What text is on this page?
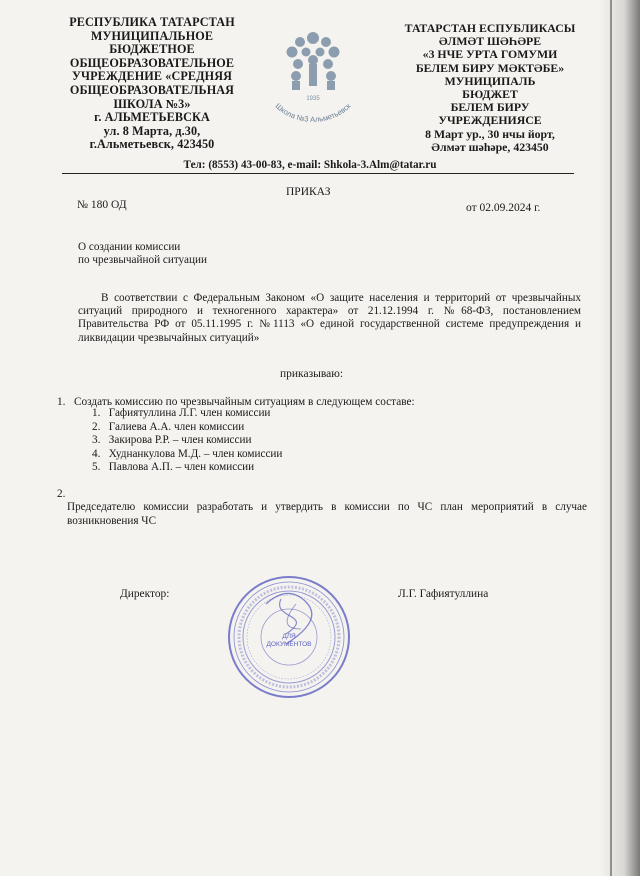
РЕСПУБЛИКА ТАТАРСТАН
МУНИЦИПАЛЬНОЕ
БЮДЖЕТНОЕ
ОБЩЕОБРАЗОВАТЕЛЬНОЕ
УЧРЕЖДЕНИЕ «СРЕДНЯЯ
ОБЩЕОБРАЗОВАТЕЛЬНАЯ
ШКОЛА №3»
г. АЛЬМЕТЬЕВСКА
ул. 8 Марта, д.30,
г.Альметьевск, 423450
1935
Школа №3 Альметьевск
ТАТАРСТАН ЕСПУБЛИКАСЫ
ӘЛМӘТ ШӘҺӘРЕ
«3 НЧЕ УРТА ГОМУМИ
БЕЛЕМ БИРУ МӘКТӘБЕ»
МУНИЦИПАЛЬ
БЮДЖЕТ
БЕЛЕМ БИРУ
УЧРЕЖДЕНИЯСЕ
8 Март ур., 30 нчы йорт,
Әлмәт шәһәре, 423450
Тел: (8553) 43-00-83, e-mail: Shkola-3.Alm@tatar.ru
ПРИКАЗ
№ 180 ОД	от 02.09.2024 г.
О создании комиссии
по чрезвычайной ситуации
В соответствии с Федеральным Законом «О защите населения и территорий от чрезвычайных ситуаций природного и техногенного характера» от 21.12.1994 г. №68-ФЗ, постановлением Правительства РФ от 05.11.1995 г. №1113 «О единой государственной системе предупреждения и ликвидации чрезвычайных ситуаций»
приказываю:
1. Создать комиссию по чрезвычайным ситуациям в следующем составе:
1. Гафиятуллина Л.Г. член комиссии
2. Галиева А.А. член комиссии
3. Закирова Р.Р. – член комиссии
4. Худнанкулова М.Д. – член комиссии
5. Павлова А.П. – член комиссии
2. Председателю комиссии разработать и утвердить в комиссии по ЧС план мероприятий в случае возникновения ЧС
Директор:
ДЛЯ
ДОКУМЕНТОВ
Л.Г. Гафиятуллина
